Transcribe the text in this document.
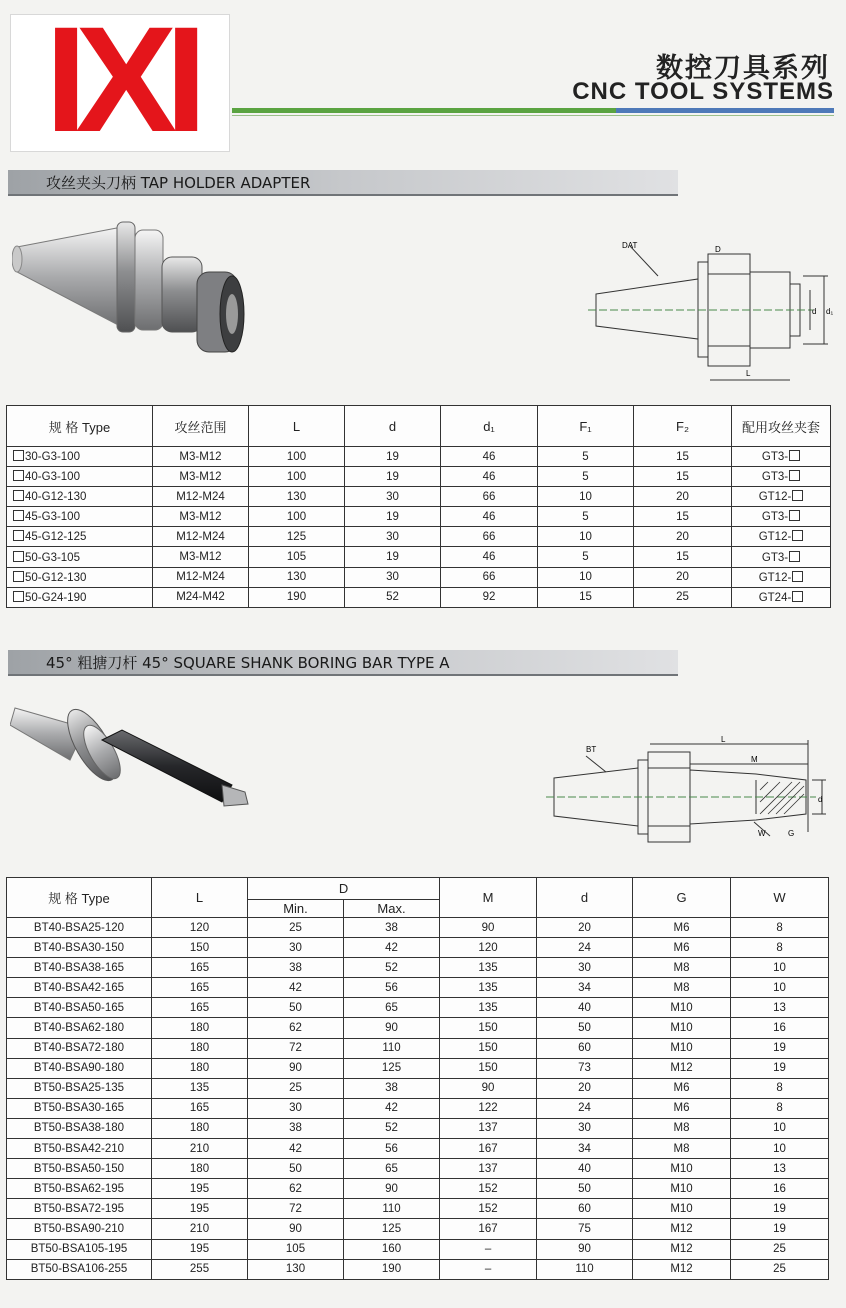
IXI	数控刀具系列
CNC TOOL SYSTEMS
攻丝夹头刀柄 TAP HOLDER ADAPTER
DAT	D
d d₁
L
规 格 Type	攻丝范围	L	d	d₁	F₁	F₂	配用攻丝夹套
30-G3-100	M3-M12	100	19	46	5	15	GT3-
40-G3-100	M3-M12	100	19	46	5	15	GT3-
40-G12-130	M12-M24	130	30	66	10	20	GT12-
45-G3-100	M3-M12	100	19	46	5	15	GT3-
45-G12-125	M12-M24	125	30	66	10	20	GT12-
50-G3-105	M3-M12	105	19	46	5	15	GT3-
50-G12-130	M12-M24	130	30	66	10	20	GT12-
50-G24-190	M24-M42	190	52	92	15	25	GT24-
45° 粗搪刀杆 45° SQUARE SHANK BORING BAR TYPE A
BT
L
M
d
W	G
规 格 Type	L	D		M	d	G	W
		Min.	Max.				
BT40-BSA25-120	120	25	38	90	20	M6	8
BT40-BSA30-150	150	30	42	120	24	M6	8
BT40-BSA38-165	165	38	52	135	30	M8	10
BT40-BSA42-165	165	42	56	135	34	M8	10
BT40-BSA50-165	165	50	65	135	40	M10	13
BT40-BSA62-180	180	62	90	150	50	M10	16
BT40-BSA72-180	180	72	110	150	60	M10	19
BT40-BSA90-180	180	90	125	150	73	M12	19
BT50-BSA25-135	135	25	38	90	20	M6	8
BT50-BSA30-165	165	30	42	122	24	M6	8
BT50-BSA38-180	180	38	52	137	30	M8	10
BT50-BSA42-210	210	42	56	167	34	M8	10
BT50-BSA50-150	180	50	65	137	40	M10	13
BT50-BSA62-195	195	62	90	152	50	M10	16
BT50-BSA72-195	195	72	110	152	60	M10	19
BT50-BSA90-210	210	90	125	167	75	M12	19
BT50-BSA105-195	195	105	160	–	90	M12	25
BT50-BSA106-255	255	130	190	–	110	M12	25
